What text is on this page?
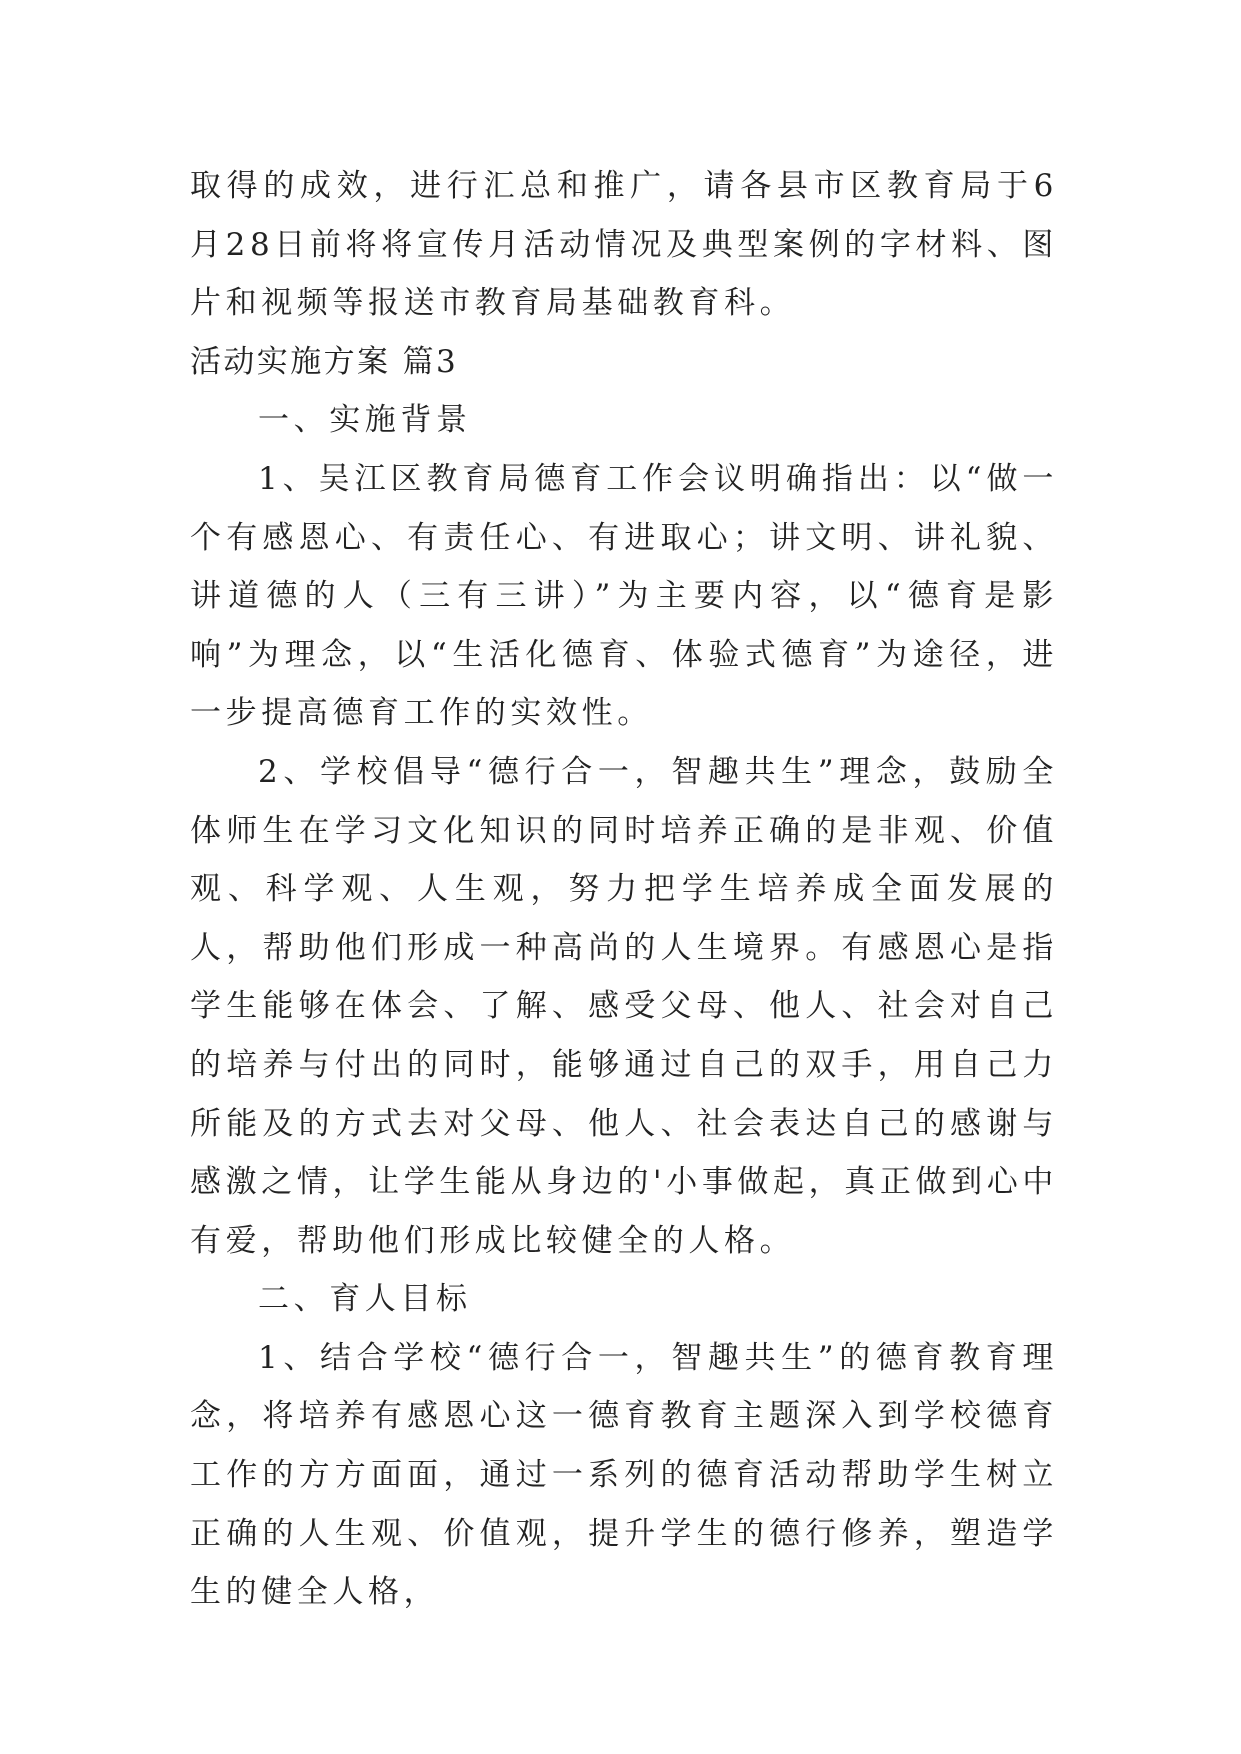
取得的成效，进行汇总和推广，请各县市区教育局于6月28日前将将宣传月活动情况及典型案例的字材料、图片和视频等报送市教育局基础教育科。

活动实施方案 篇3

一、实施背景

1、吴江区教育局德育工作会议明确指出：以“做一个有感恩心、有责任心、有进取心；讲文明、讲礼貌、讲道德的人（三有三讲）”为主要内容，以“德育是影响”为理念，以“生活化德育、体验式德育”为途径，进一步提高德育工作的实效性。

2、学校倡导“德行合一，智趣共生”理念，鼓励全体师生在学习文化知识的同时培养正确的是非观、价值观、科学观、人生观，努力把学生培养成全面发展的人，帮助他们形成一种高尚的人生境界。有感恩心是指学生能够在体会、了解、感受父母、他人、社会对自己的培养与付出的同时，能够通过自己的双手，用自己力所能及的方式去对父母、他人、社会表达自己的感谢与感激之情，让学生能从身边的'小事做起，真正做到心中有爱，帮助他们形成比较健全的人格。

二、育人目标

1、结合学校“德行合一，智趣共生”的德育教育理念，将培养有感恩心这一德育教育主题深入到学校德育工作的方方面面，通过一系列的德育活动帮助学生树立正确的人生观、价值观，提升学生的德行修养，塑造学生的健全人格，
